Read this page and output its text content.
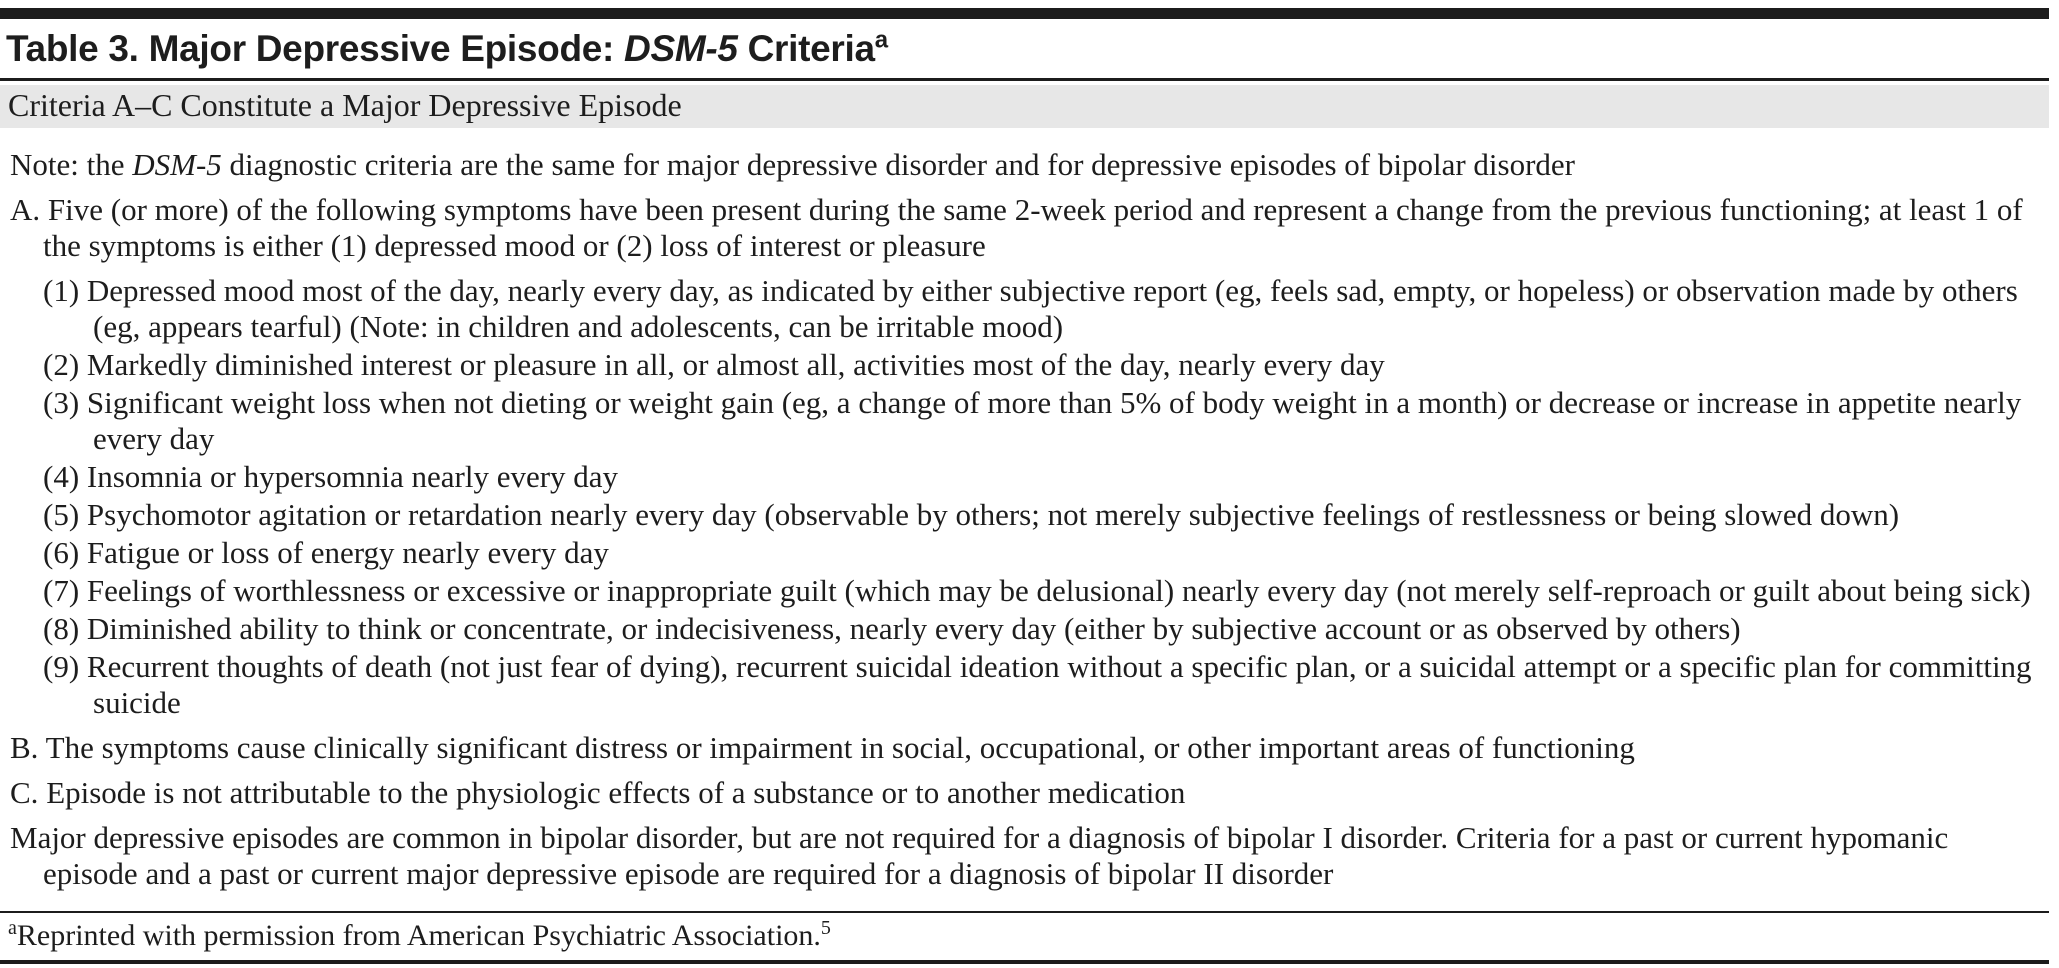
Table 3. Major Depressive Episode: DSM-5 Criteria$^a$
Criteria A–C Constitute a Major Depressive Episode

Note: the DSM-5 diagnostic criteria are the same for major depressive disorder and for depressive episodes of bipolar disorder

A. Five (or more) of the following symptoms have been present during the same 2-week period and represent a change from the previous functioning; at least 1 of the symptoms is either (1) depressed mood or (2) loss of interest or pleasure

(1) Depressed mood most of the day, nearly every day, as indicated by either subjective report (eg, feels sad, empty, or hopeless) or observation made by others (eg, appears tearful) (Note: in children and adolescents, can be irritable mood)

(2) Markedly diminished interest or pleasure in all, or almost all, activities most of the day, nearly every day

(3) Significant weight loss when not dieting or weight gain (eg, a change of more than 5% of body weight in a month) or decrease or increase in appetite nearly every day

(4) Insomnia or hypersomnia nearly every day

(5) Psychomotor agitation or retardation nearly every day (observable by others; not merely subjective feelings of restlessness or being slowed down)

(6) Fatigue or loss of energy nearly every day

(7) Feelings of worthlessness or excessive or inappropriate guilt (which may be delusional) nearly every day (not merely self-reproach or guilt about being sick)

(8) Diminished ability to think or concentrate, or indecisiveness, nearly every day (either by subjective account or as observed by others)

(9) Recurrent thoughts of death (not just fear of dying), recurrent suicidal ideation without a specific plan, or a suicidal attempt or a specific plan for committing suicide

B. The symptoms cause clinically significant distress or impairment in social, occupational, or other important areas of functioning

C. Episode is not attributable to the physiologic effects of a substance or to another medication

Major depressive episodes are common in bipolar disorder, but are not required for a diagnosis of bipolar I disorder. Criteria for a past or current hypomanic episode and a past or current major depressive episode are required for a diagnosis of bipolar II disorder

$^a$Reprinted with permission from American Psychiatric Association.$^5$
